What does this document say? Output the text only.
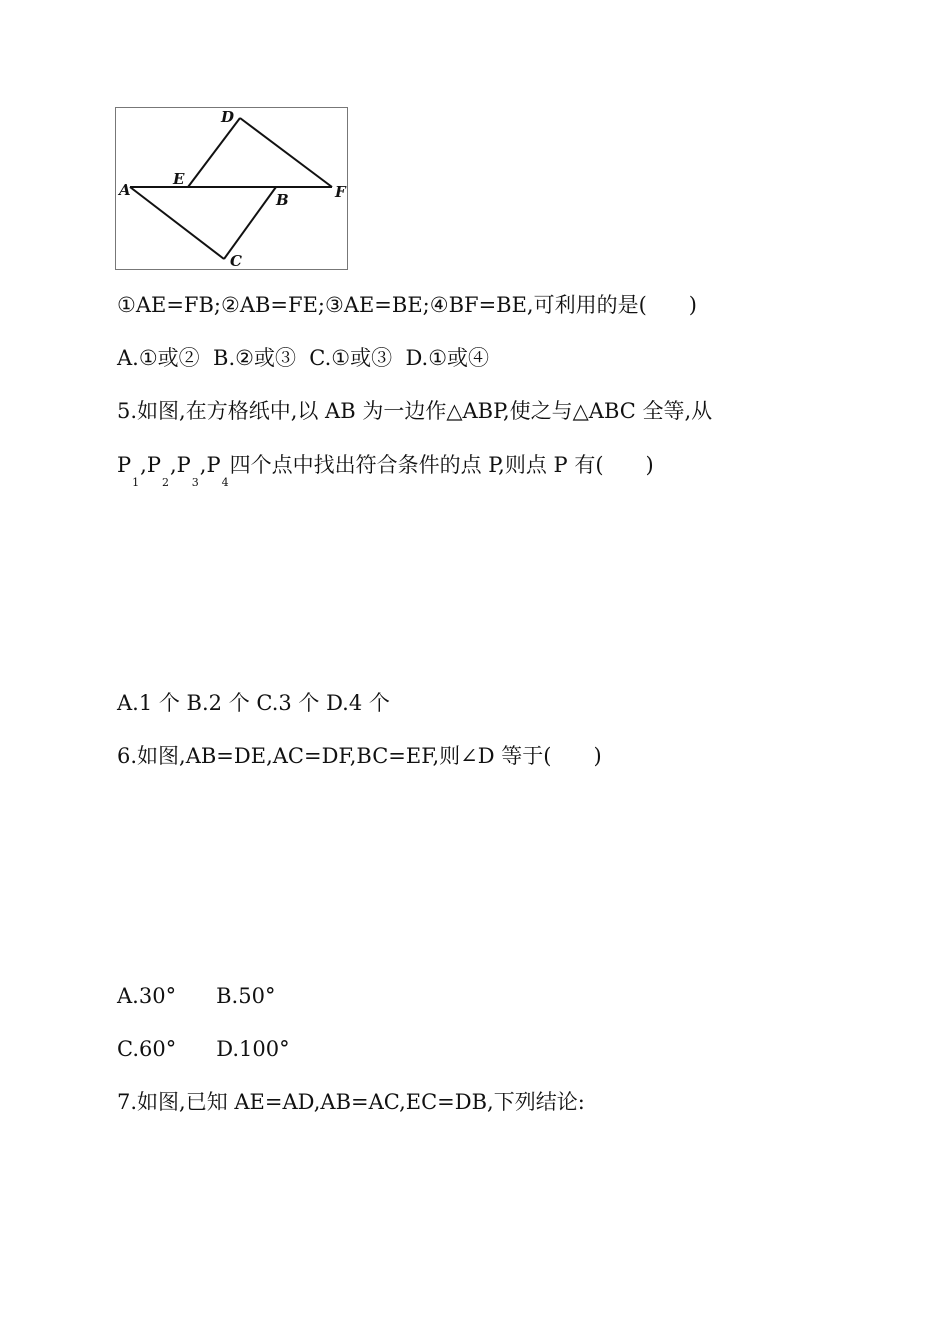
A
E
D
F
B
C
①AE=FB;②AB=FE;③AE=BE;④BF=BE,可利用的是(　　)
A.①或②  B.②或③  C.①或③  D.①或④
5.如图,在方格纸中,以 AB 为一边作△ABP,使之与△ABC 全等,从
$P_1,P_2,P_3,P_4$四个点中找出符合条件的点 P,则点 P 有(　　)
A.1 个 B.2 个 C.3 个 D.4 个
6.如图,AB=DE,AC=DF,BC=EF,则∠D 等于(　　)
A.30° B.50°
C.60° D.100°
7.如图,已知 AE=AD,AB=AC,EC=DB,下列结论:
